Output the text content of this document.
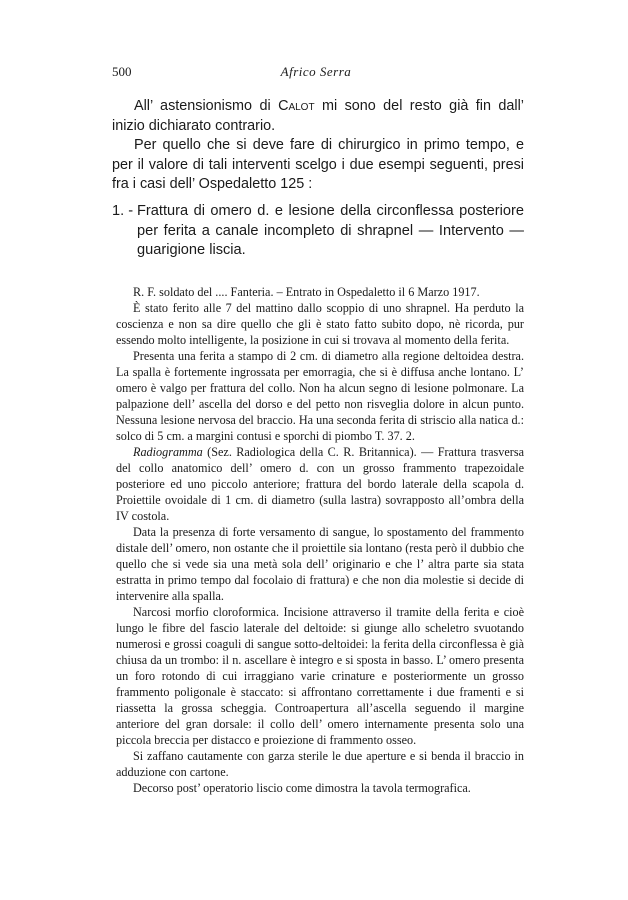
500	Africo Serra

All’ astensionismo di Calot mi sono del resto già fin dall’ inizio dichiarato contrario.

Per quello che si deve fare di chirurgico in primo tempo, e per il valore di tali interventi scelgo i due esempi seguenti, presi fra i casi dell’ Ospedaletto 125 :

1. - Frattura di omero d. e lesione della circonflessa posteriore per ferita a canale incompleto di shrapnel — Intervento — guarigione liscia.

R. F. soldato del .... Fanteria. – Entrato in Ospedaletto il 6 Marzo 1917.

È stato ferito alle 7 del mattino dallo scoppio di uno shrapnel. Ha perduto la coscienza e non sa dire quello che gli è stato fatto subito dopo, nè ricorda, pur essendo molto intelligente, la posizione in cui si trovava al momento della ferita.

Presenta una ferita a stampo di 2 cm. di diametro alla regione deltoidea destra. La spalla è fortemente ingrossata per emorragia, che si è diffusa anche lontano. L’ omero è valgo per frattura del collo. Non ha alcun segno di lesione polmonare. La palpazione dell’ ascella del dorso e del petto non risveglia dolore in alcun punto. Nessuna lesione nervosa del braccio. Ha una seconda ferita di striscio alla natica d.: solco di 5 cm. a margini contusi e sporchi di piombo T. 37. 2.

Radiogramma (Sez. Radiologica della C. R. Britannica). — Frattura trasversa del collo anatomico dell’ omero d. con un grosso frammento trapezoidale posteriore ed uno piccolo anteriore; frattura del bordo laterale della scapola d. Proiettile ovoidale di 1 cm. di diametro (sulla lastra) sovrapposto all’ombra della IV costola.

Data la presenza di forte versamento di sangue, lo spostamento del frammento distale dell’ omero, non ostante che il proiettile sia lontano (resta però il dubbio che quello che si vede sia una metà sola dell’ originario e che l’ altra parte sia stata estratta in primo tempo dal focolaio di frattura) e che non dia molestie si decide di intervenire alla spalla.

Narcosi morfio cloroformica. Incisione attraverso il tramite della ferita e cioè lungo le fibre del fascio laterale del deltoide: si giunge allo scheletro svuotando numerosi e grossi coaguli di sangue sotto-deltoidei: la ferita della circonflessa è già chiusa da un trombo: il n. ascellare è integro e si sposta in basso. L’ omero presenta un foro rotondo di cui irraggiano varie crinature e posteriormente un grosso frammento poligonale è staccato: si affrontano correttamente i due framenti e si riassetta la grossa scheggia. Controapertura all’ascella seguendo il margine anteriore del gran dorsale: il collo dell’ omero internamente presenta solo una piccola breccia per distacco e proiezione di frammento osseo.

Si zaffano cautamente con garza sterile le due aperture e si benda il braccio in adduzione con cartone.

Decorso post’ operatorio liscio come dimostra la tavola termografica.
